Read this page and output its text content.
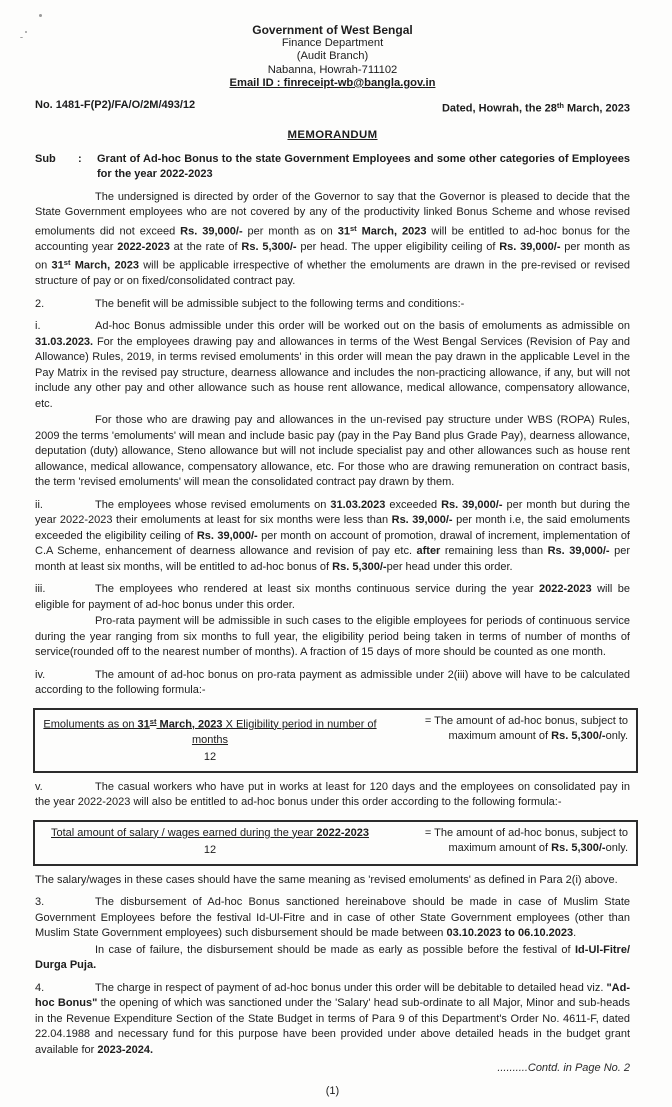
Government of West Bengal
Finance Department
(Audit Branch)
Nabanna, Howrah-711102
Email ID : finreceipt-wb@bangla.gov.in
No. 1481-F(P2)/FA/O/2M/493/12	Dated, Howrah, the 28th March, 2023
MEMORANDUM
Sub	:	Grant of Ad-hoc Bonus to the state Government Employees and some other categories of Employees for the year 2022-2023

The undersigned is directed by order of the Governor to say that the Governor is pleased to decide that the State Government employees who are not covered by any of the productivity linked Bonus Scheme and whose revised emoluments did not exceed Rs. 39,000/- per month as on 31st March, 2023 will be entitled to ad-hoc bonus for the accounting year 2022-2023 at the rate of Rs. 5,300/- per head. The upper eligibility ceiling of Rs. 39,000/- per month as on 31st March, 2023 will be applicable irrespective of whether the emoluments are drawn in the pre-revised or revised structure of pay or on fixed/consolidated contract pay.

2.	The benefit will be admissible subject to the following terms and conditions:-

i.	Ad-hoc Bonus admissible under this order will be worked out on the basis of emoluments as admissible on 31.03.2023. For the employees drawing pay and allowances in terms of the West Bengal Services (Revision of Pay and Allowance) Rules, 2019, in terms revised emoluments' in this order will mean the pay drawn in the applicable Level in the Pay Matrix in the revised pay structure, dearness allowance and includes the non-practicing allowance, if any, but will not include any other pay and other allowance such as house rent allowance, medical allowance, compensatory allowance, etc.

For those who are drawing pay and allowances in the un-revised pay structure under WBS (ROPA) Rules, 2009 the terms 'emoluments' will mean and include basic pay (pay in the Pay Band plus Grade Pay), dearness allowance, deputation (duty) allowance, Steno allowance but will not include specialist pay and other allowances such as house rent allowance, medical allowance, compensatory allowance, etc. For those who are drawing remuneration on contract basis, the term 'revised emoluments' will mean the consolidated contract pay drawn by them.

ii.	The employees whose revised emoluments on 31.03.2023 exceeded Rs. 39,000/- per month but during the year 2022-2023 their emoluments at least for six months were less than Rs. 39,000/- per month i.e, the said emoluments exceeded the eligibility ceiling of Rs. 39,000/- per month on account of promotion, drawal of increment, implementation of C.A Scheme, enhancement of dearness allowance and revision of pay etc. after remaining less than Rs. 39,000/- per month at least six months, will be entitled to ad-hoc bonus of Rs. 5,300/-per head under this order.

iii.	The employees who rendered at least six months continuous service during the year 2022-2023 will be eligible for payment of ad-hoc bonus under this order.

Pro-rata payment will be admissible in such cases to the eligible employees for periods of continuous service during the year ranging from six months to full year, the eligibility period being taken in terms of number of months of service(rounded off to the nearest number of months). A fraction of 15 days of more should be counted as one month.

iv.	The amount of ad-hoc bonus on pro-rata payment as admissible under 2(iii) above will have to be calculated according to the following formula:-

Emoluments as on 31st March, 2023 X Eligibility period in number of months
12
= The amount of ad-hoc bonus, subject to
maximum amount of Rs. 5,300/-only.

v.	The casual workers who have put in works at least for 120 days and the employees on consolidated pay in the year 2022-2023 will also be entitled to ad-hoc bonus under this order according to the following formula:-

Total amount of salary / wages earned during the year 2022-2023
12
= The amount of ad-hoc bonus, subject to
maximum amount of Rs. 5,300/-only.

The salary/wages in these cases should have the same meaning as 'revised emoluments' as defined in Para 2(i) above.

3.	The disbursement of Ad-hoc Bonus sanctioned hereinabove should be made in case of Muslim State Government Employees before the festival Id-Ul-Fitre and in case of other State Government employees (other than Muslim State Government employees) such disbursement should be made between 03.10.2023 to 06.10.2023.

In case of failure, the disbursement should be made as early as possible before the festival of Id-Ul-Fitre/ Durga Puja.

4.	The charge in respect of payment of ad-hoc bonus under this order will be debitable to detailed head viz. "Ad-hoc Bonus" the opening of which was sanctioned under the 'Salary' head sub-ordinate to all Major, Minor and sub-heads in the Revenue Expenditure Section of the State Budget in terms of Para 9 of this Department's Order No. 4611-F, dated 22.04.1988 and necessary fund for this purpose have been provided under above detailed heads in the budget grant available for 2023-2024.

..........Contd. in Page No. 2
(1)
